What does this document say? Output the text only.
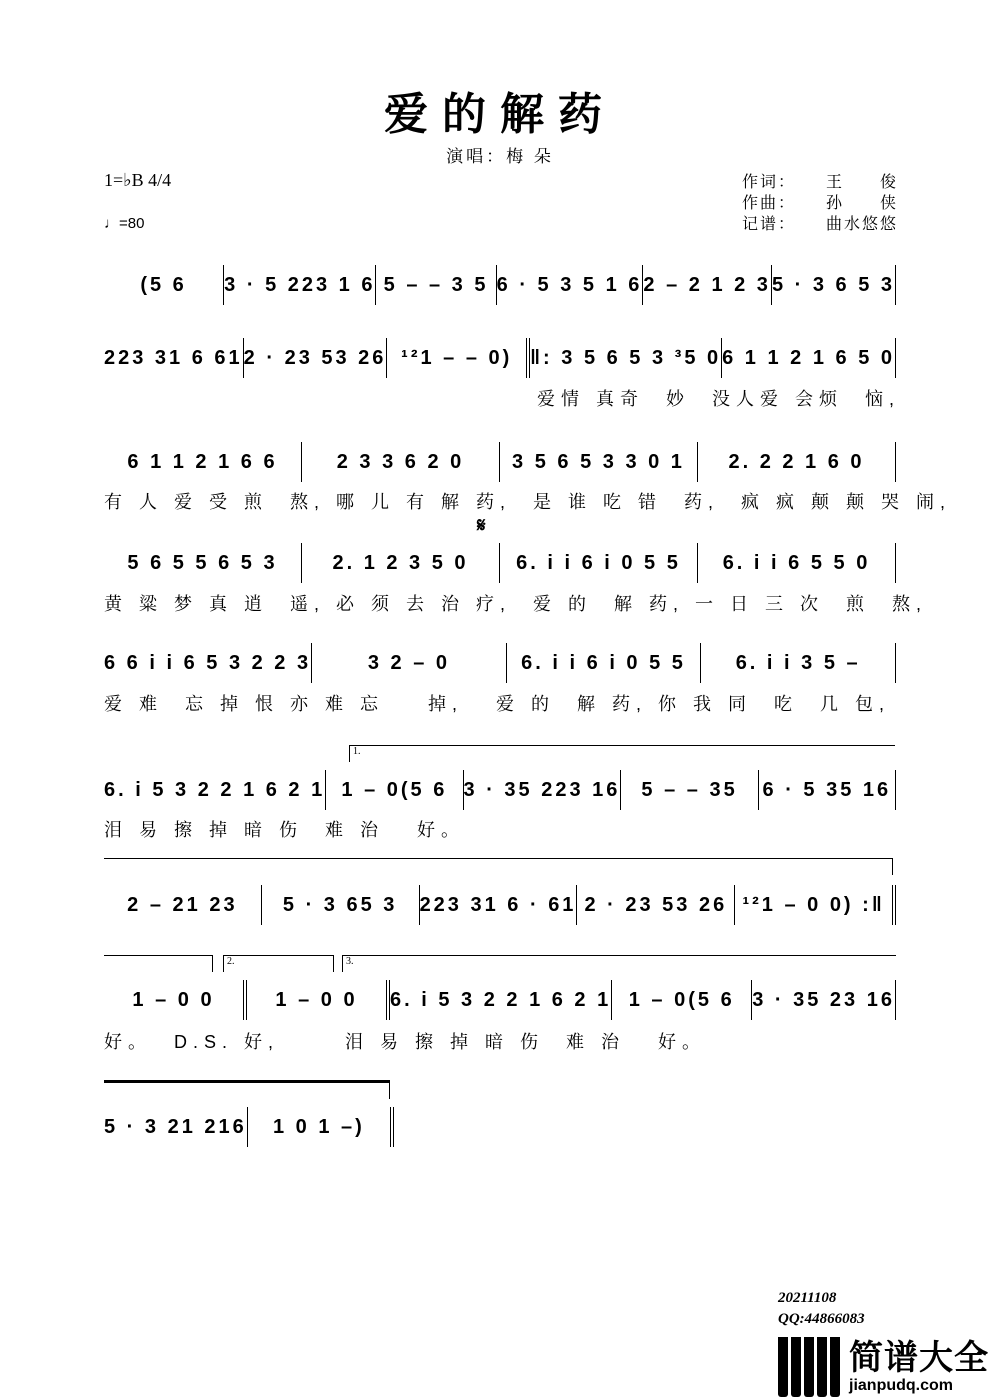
爱的解药
演唱：梅 朵
1=♭B 4/4
♩=80
作词： 王　　俊
作曲： 孙　　侠
记谱： 曲水悠悠
(5 6	3 · 5 223 1 6 5 – – 3 5 6 · 5 3 5 1 6 2 – 2 1 2 3 5 · 3 6 5 3
223 31 6 61 2 · 23 53 26 ¹²1 – – 0) ‖: 3 5 6 5 3 ³5 0 6 1 1 2 1 6 5 0
爱情 真奇  妙  没人爱 会烦  恼,
6 1 1 2 1 6 6	2 3 3 6 2 0	3 5 6 5 3 3 0 1	2. 2 2 1 6 0
有 人 爱 受 煎  熬, 哪 儿 有 解 药,  是 谁 吃 错  药,  疯 疯 颠 颠 哭 闹,
5 6 5 5 6 5 3	2. 1 2 3 5 0	6. i i 6 i 0 5 5	6. i i 6 5 5 0
黄 粱 梦 真 逍  遥, 必 须 去 治 疗,  爱 的  解 药, 一 日 三 次  煎  熬,
6 6 i i 6 5 3 2 2 3	3 2 – 0	6. i i 6 i 0 5 5	6. i i 3 5 –
爱 难  忘 掉 恨 亦 难 忘    掉,   爱 的  解 药, 你 我 同  吃  几 包,
6. i 5 3 2 2 1 6 2 1 1 – 0(5 6 3 · 35 223 16	5 – – 35	6 · 5 35 16
泪 易 擦 掉 暗 伤  难 治   好。
2 – 21 23	5 · 3 65 3	223 31 6 · 61 2 · 23 53 26 ¹²1 – 0 0) :‖
1 – 0 0	1 – 0 0	6. i 5 3 2 2 1 6 2 1 1 – 0(5 6 3 · 35 23 16
好。  D.S. 好,      泪 易 擦 掉 暗 伤  难 治   好。
5 · 3 21 216	1 0 1 –)
𝄋
1.
2.	3.
20211108
QQ:44866083
简谱大全
jianpudq.com
